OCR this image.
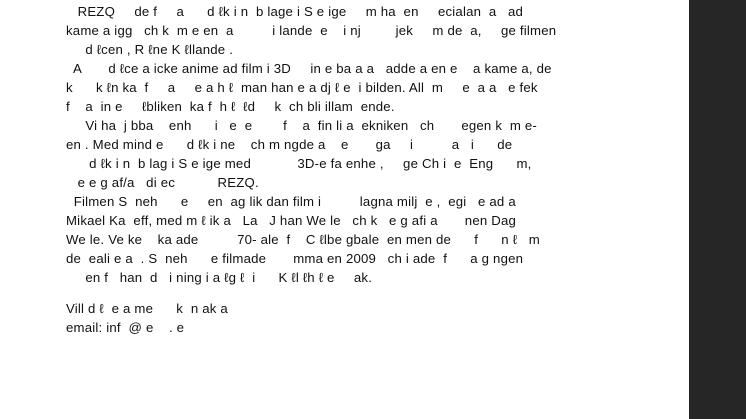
REZQ     de f     a      d ℓk i n  b lage i S e ige     m ha  en     ecialan  a   ad
kame a igg   ch k  m e en  a          i lande  e    i nj         jek     m de  a,     ge filmen
d ℓcen , R ℓne K ℓllande .
A       d ℓce a icke anime ad film i 3D     in e ba a a   adde a en e    a kame a, de
k      k ℓn ka  f     a     e a h ℓ  man han e a dj ℓ e  i bilden. All  m     e  a a   e fek
f    a  in e     ℓbliken  ka f  h ℓ  ℓd     k  ch bli illam  ende.
Vi ha  j bba    enh      i   e  e        f    a  fin li a  ekniken   ch       egen k  m e-
en . Med mind e      d ℓk i ne    ch m ngde a    e       ga     i          a   i      de
d ℓk i n  b lag i S e ige med            3D-e fa enhe ,     ge Ch i  e  Eng      m,
e e g af/a   di ec           REZQ.
Filmen S  neh      e     en  ag lik dan film i          lagna milj  e ,  egi   e ad a
Mikael Ka  eff, med m ℓ ik a   La   J han We le   ch k   e g afi a       nen Dag
We le. Ve ke    ka ade          70- ale  f    C ℓlbe gbale  en men de      f      n ℓ   m
de  eali e a  . S  neh      e filmade       mma en 2009   ch i ade  f      a g ngen
en f   han  d   i ning i a ℓg ℓ  i      K ℓl ℓh ℓ e     ak.
Vill d ℓ  e a me      k  n ak a
email: inf  @ e    . e
